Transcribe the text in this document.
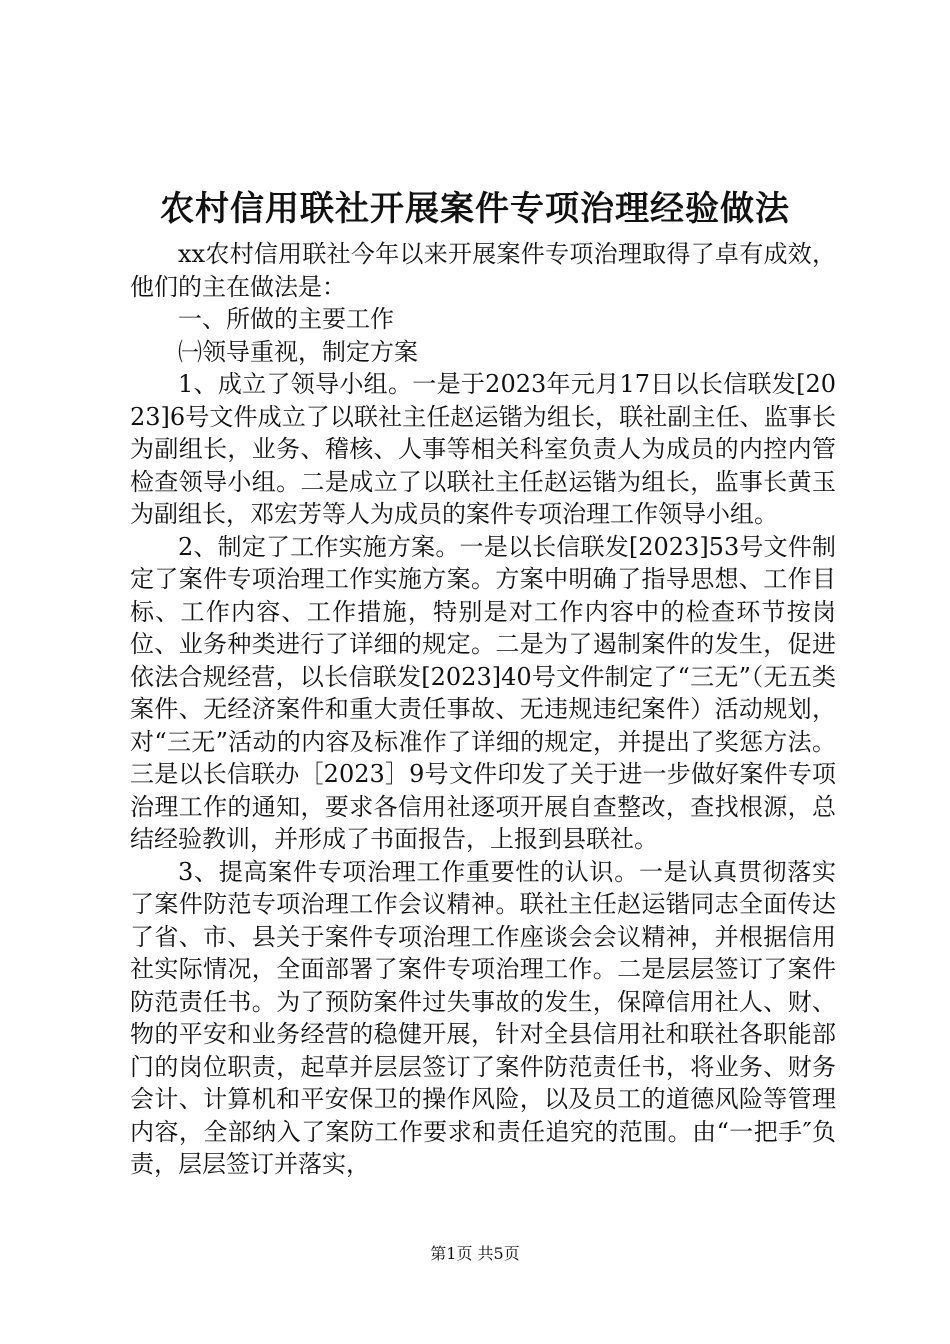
农村信用联社开展案件专项治理经验做法

xx农村信用联社今年以来开展案件专项治理取得了卓有成效，他们的主在做法是：

一、所做的主要工作

㈠领导重视，制定方案

1、成立了领导小组。一是于2023年元月17日以长信联发[2023]6号文件成立了以联社主任赵运锴为组长，联社副主任、监事长为副组长，业务、稽核、人事等相关科室负责人为成员的内控内管检查领导小组。二是成立了以联社主任赵运锴为组长，监事长黄玉为副组长，邓宏芳等人为成员的案件专项治理工作领导小组。

2、制定了工作实施方案。一是以长信联发[2023]53号文件制定了案件专项治理工作实施方案。方案中明确了指导思想、工作目标、工作内容、工作措施，特别是对工作内容中的检查环节按岗位、业务种类进行了详细的规定。二是为了遏制案件的发生，促进依法合规经营，以长信联发[2023]40号文件制定了“三无”（无五类案件、无经济案件和重大责任事故、无违规违纪案件）活动规划，对“三无”活动的内容及标准作了详细的规定，并提出了奖惩方法。三是以长信联办［2023］9号文件印发了关于进一步做好案件专项治理工作的通知，要求各信用社逐项开展自查整改，查找根源，总结经验教训，并形成了书面报告，上报到县联社。

3、提高案件专项治理工作重要性的认识。一是认真贯彻落实了案件防范专项治理工作会议精神。联社主任赵运锴同志全面传达了省、市、县关于案件专项治理工作座谈会会议精神，并根据信用社实际情况，全面部署了案件专项治理工作。二是层层签订了案件防范责任书。为了预防案件过失事故的发生，保障信用社人、财、物的平安和业务经营的稳健开展，针对全县信用社和联社各职能部门的岗位职责，起草并层层签订了案件防范责任书，将业务、财务会计、计算机和平安保卫的操作风险，以及员工的道德风险等管理内容，全部纳入了案防工作要求和责任追究的范围。由“一把手″负责，层层签订并落实，

第1页 共5页
